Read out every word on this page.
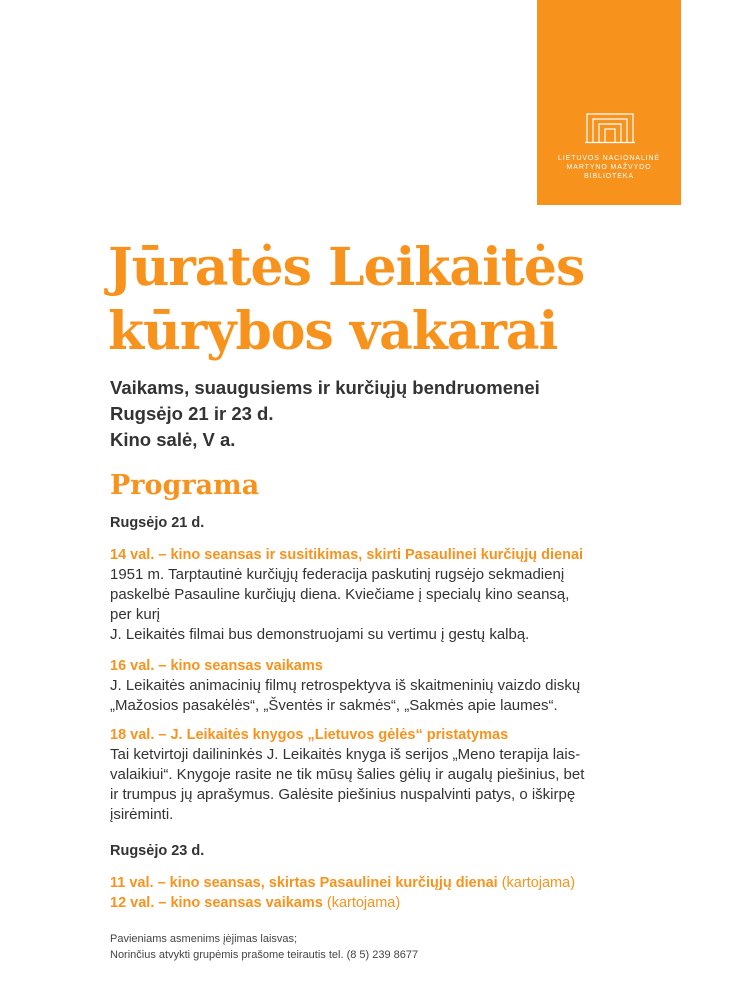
LIETUVOS NACIONALINĖ
MARTYNO MAŽVYDO
BIBLIOTEKA
Jūratės Leikaitės
kūrybos vakarai
Vaikams, suaugusiems ir kurčiųjų bendruomenei
Rugsėjo 21 ir 23 d.
Kino salė, V a.
Programa
Rugsėjo 21 d.
14 val. – kino seansas ir susitikimas, skirti Pasaulinei kurčiųjų dienai
1951 m. Tarptautinė kurčiųjų federacija paskutinį rugsėjo sekmadienį
paskelbė Pasauline kurčiųjų diena. Kviečiame į specialų kino seansą,
per kurį
J. Leikaitės filmai bus demonstruojami su vertimu į gestų kalbą.
16 val. – kino seansas vaikams
J. Leikaitės animacinių filmų retrospektyva iš skaitmeninių vaizdo diskų
„Mažosios pasakėlės“, „Šventės ir sakmės“, „Sakmės apie laumes“.
18 val. – J. Leikaitės knygos „Lietuvos gėlės“ pristatymas
Tai ketvirtoji dailininkės J. Leikaitės knyga iš serijos „Meno terapija lais-
valaikiui“. Knygoje rasite ne tik mūsų šalies gėlių ir augalų piešinius, bet
ir trumpus jų aprašymus. Galėsite piešinius nuspalvinti patys, o iškirpę
įsirėminti.
Rugsėjo 23 d.
11 val. – kino seansas, skirtas Pasaulinei kurčiųjų dienai (kartojama)
12 val. – kino seansas vaikams (kartojama)
Pavieniams asmenims įėjimas laisvas;
Norinčius atvykti grupėmis prašome teirautis tel. (8 5) 239 8677
